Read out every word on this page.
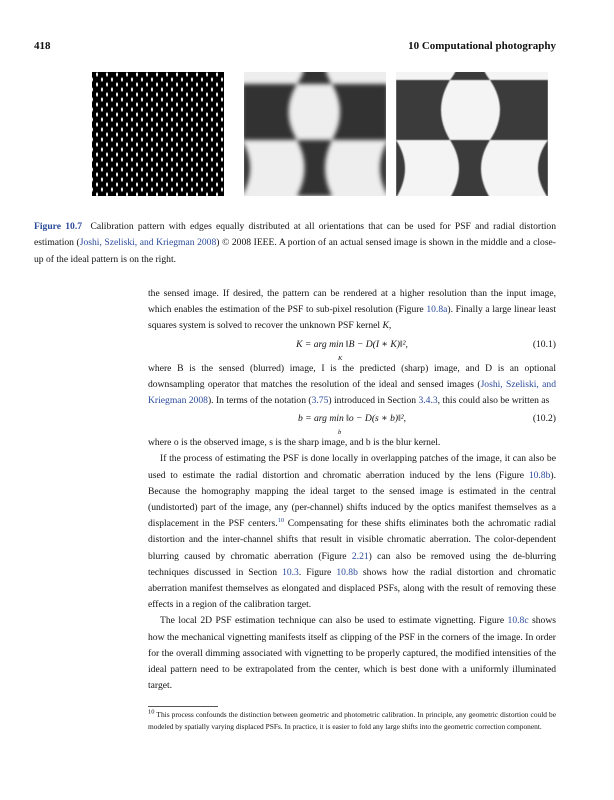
418	10 Computational photography
Figure 10.7 Calibration pattern with edges equally distributed at all orientations that can be used for PSF and radial distortion estimation (Joshi, Szeliski, and Kriegman 2008) © 2008 IEEE. A portion of an actual sensed image is shown in the middle and a close-up of the ideal pattern is on the right.

the sensed image. If desired, the pattern can be rendered at a higher resolution than the input image, which enables the estimation of the PSF to sub-pixel resolution (Figure 10.8a). Finally a large linear least squares system is solved to recover the unknown PSF kernel K,

K = arg min ‖B − D(I ∗ K)‖²,
K
(10.1)

where B is the sensed (blurred) image, I is the predicted (sharp) image, and D is an optional downsampling operator that matches the resolution of the ideal and sensed images (Joshi, Szeliski, and Kriegman 2008). In terms of the notation (3.75) introduced in Section 3.4.3, this could also be written as

b = arg min ‖o − D(s ∗ b)‖²,
b
(10.2)

where o is the observed image, s is the sharp image, and b is the blur kernel.

If the process of estimating the PSF is done locally in overlapping patches of the image, it can also be used to estimate the radial distortion and chromatic aberration induced by the lens (Figure 10.8b). Because the homography mapping the ideal target to the sensed image is estimated in the central (undistorted) part of the image, any (per-channel) shifts induced by the optics manifest themselves as a displacement in the PSF centers.$^{10}$ Compensating for these shifts eliminates both the achromatic radial distortion and the inter-channel shifts that result in visible chromatic aberration. The color-dependent blurring caused by chromatic aberration (Figure 2.21) can also be removed using the de-blurring techniques discussed in Section 10.3. Figure 10.8b shows how the radial distortion and chromatic aberration manifest themselves as elongated and displaced PSFs, along with the result of removing these effects in a region of the calibration target.

The local 2D PSF estimation technique can also be used to estimate vignetting. Figure 10.8c shows how the mechanical vignetting manifests itself as clipping of the PSF in the corners of the image. In order for the overall dimming associated with vignetting to be properly captured, the modified intensities of the ideal pattern need to be extrapolated from the center, which is best done with a uniformly illuminated target.

$^{10}$ This process confounds the distinction between geometric and photometric calibration. In principle, any geometric distortion could be modeled by spatially varying displaced PSFs. In practice, it is easier to fold any large shifts into the geometric correction component.
